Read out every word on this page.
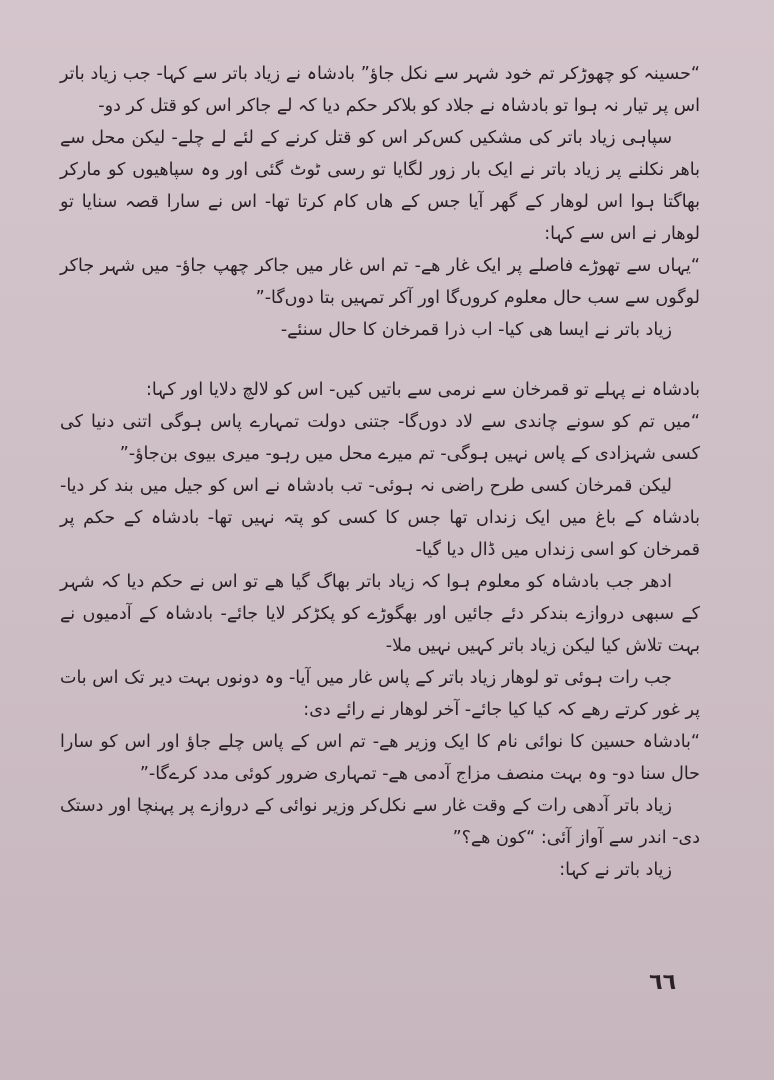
“حسینہ کو چھوڑکر تم خود شہر سے نکل جاؤ” بادشاہ نے زیاد باتر سے کہا- جب زیاد باتر اس پر تیار نہ ہوا تو بادشاہ نے جلاد کو بلاکر حکم دیا کہ لے جاکر اس کو قتل کر دو-

سپاہی زیاد باتر کی مشکیں کس‌کر اس کو قتل کرنے کے لئے لے چلے- لیکن محل سے باھر نکلنے پر زیاد باتر نے ایک بار زور لگایا تو رسی ٹوٹ گئی اور وہ سپاھیوں کو مارکر بھاگتا ہوا اس لوھار کے گھر آیا جس کے ھاں کام کرتا تھا- اس نے سارا قصہ سنایا تو لوھار نے اس سے کہا:

“یہاں سے تھوڑے فاصلے پر ایک غار ھے- تم اس غار میں جاکر چھپ جاؤ- میں شہر جاکر لوگوں سے سب حال معلوم کروں‌گا اور آکر تمہیں بتا دوں‌گا-”

زیاد باتر نے ایسا ھی کیا- اب ذرا قمرخان کا حال سنئے-

بادشاہ نے پہلے تو قمرخان سے نرمی سے باتیں کیں- اس کو لالچ دلایا اور کہا:

“میں تم کو سونے چاندی سے لاد دوں‌گا- جتنی دولت تمہارے پاس ہوگی اتنی دنیا کی کسی شہزادی کے پاس نہیں ہوگی- تم میرے محل میں رہو- میری بیوی بن‌جاؤ-”

لیکن قمرخان کسی طرح راضی نہ ہوئی- تب بادشاہ نے اس کو جیل میں بند کر دیا- بادشاہ کے باغ میں ایک زنداں تھا جس کا کسی کو پتہ نہیں تھا- بادشاہ کے حکم پر قمرخان کو اسی زنداں میں ڈال دیا گیا-

ادھر جب بادشاہ کو معلوم ہوا کہ زیاد باتر بھاگ گیا ھے تو اس نے حکم دیا کہ شہر کے سبھی دروازے بندکر دئے جائیں اور بھگوڑے کو پکڑکر لایا جائے- بادشاہ کے آدمیوں نے بہت تلاش کیا لیکن زیاد باتر کہیں نہیں ملا-

جب رات ہوئی تو لوھار زیاد باتر کے پاس غار میں آیا- وہ دونوں بہت دیر تک اس بات پر غور کرتے رھے کہ کیا کیا جائے- آخر لوھار نے رائے دی:

“بادشاہ حسین کا نوائی نام کا ایک وزیر ھے- تم اس کے پاس چلے جاؤ اور اس کو سارا حال سنا دو- وہ بہت منصف مزاج آدمی ھے- تمہاری ضرور کوئی مدد کرےگا-”

زیاد باتر آدھی رات کے وقت غار سے نکل‌کر وزیر نوائی کے دروازے پر پہنچا اور دستک دی- اندر سے آواز آئی: “کون ھے؟”

زیاد باتر نے کہا:

٦٦
